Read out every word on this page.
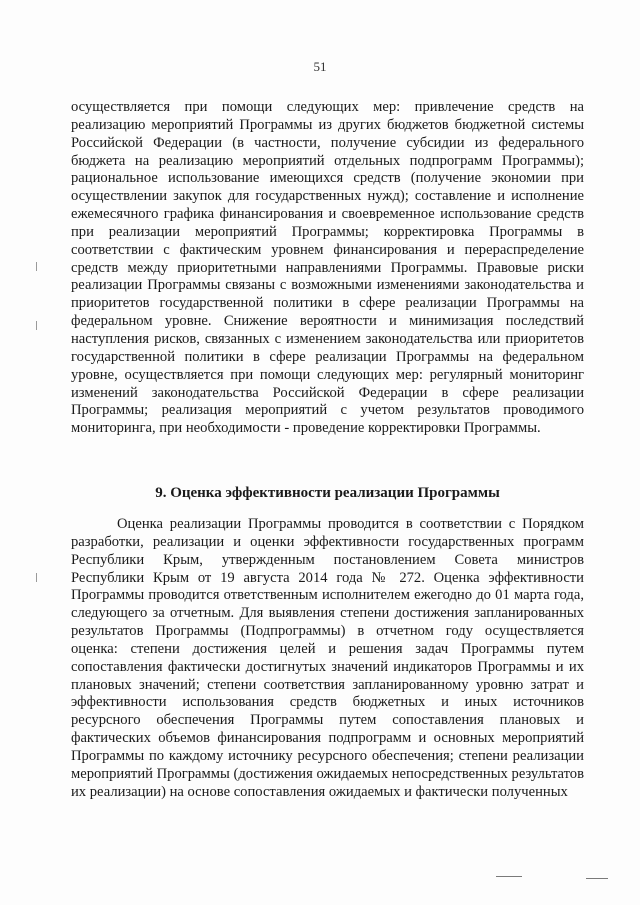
51

осуществляется при помощи следующих мер: привлечение средств на реализацию мероприятий Программы из других бюджетов бюджетной системы Российской Федерации (в частности, получение субсидии из федерального бюджета на реализацию мероприятий отдельных подпрограмм Программы); рациональное использование имеющихся средств (получение экономии при осуществлении закупок для государственных нужд); составление и исполнение ежемесячного графика финансирования и своевременное использование средств при реализации мероприятий Программы; корректировка Программы в соответствии с фактическим уровнем финансирования и перераспределение средств между приоритетными направлениями Программы. Правовые риски реализации Программы связаны с возможными изменениями законодательства и приоритетов государственной политики в сфере реализации Программы на федеральном уровне. Снижение вероятности и минимизация последствий наступления рисков, связанных с изменением законодательства или приоритетов государственной политики в сфере реализации Программы на федеральном уровне, осуществляется при помощи следующих мер: регулярный мониторинг изменений законодательства Российской Федерации в сфере реализации Программы; реализация мероприятий с учетом результатов проводимого мониторинга, при необходимости - проведение корректировки Программы.

9. Оценка эффективности реализации Программы

Оценка реализации Программы проводится в соответствии с Порядком разработки, реализации и оценки эффективности государственных программ Республики Крым, утвержденным постановлением Совета министров Республики Крым от 19 августа 2014 года № 272. Оценка эффективности Программы проводится ответственным исполнителем ежегодно до 01 марта года, следующего за отчетным. Для выявления степени достижения запланированных результатов Программы (Подпрограммы) в отчетном году осуществляется оценка: степени достижения целей и решения задач Программы путем сопоставления фактически достигнутых значений индикаторов Программы и их плановых значений; степени соответствия запланированному уровню затрат и эффективности использования средств бюджетных и иных источников ресурсного обеспечения Программы путем сопоставления плановых и фактических объемов финансирования подпрограмм и основных мероприятий Программы по каждому источнику ресурсного обеспечения; степени реализации мероприятий Программы (достижения ожидаемых непосредственных результатов их реализации) на основе сопоставления ожидаемых и фактически полученных
